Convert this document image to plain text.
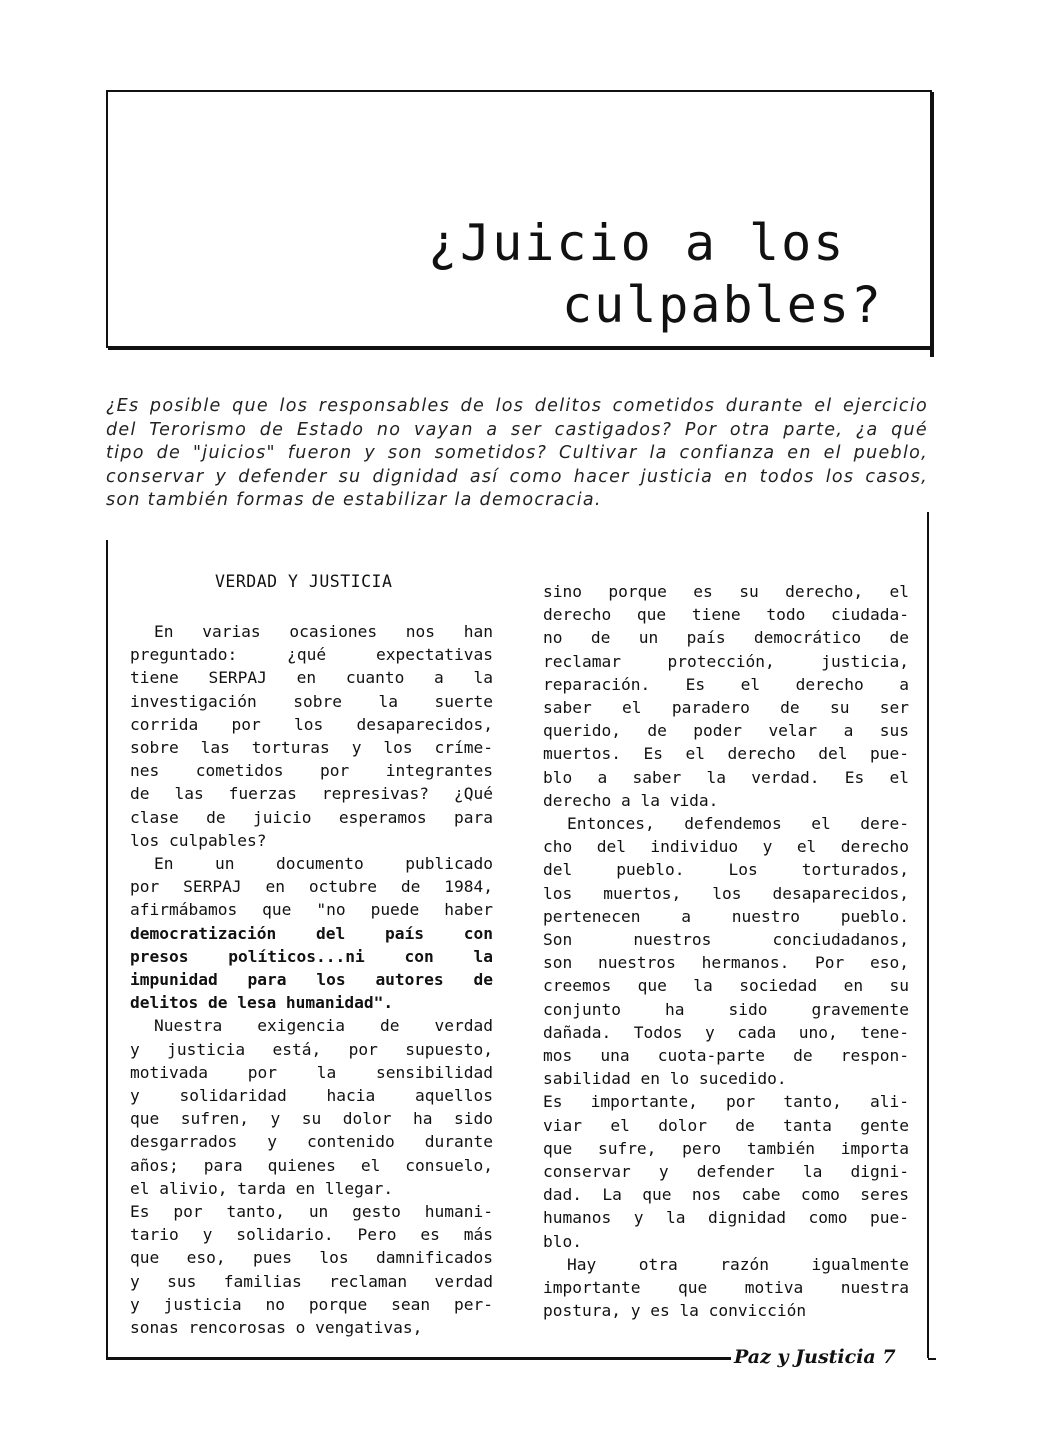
¿Juicio a los
culpables?
¿Es posible que los responsables de los delitos cometidos durante el ejercicio
del Terorismo de Estado no vayan a ser castigados? Por otra parte, ¿a qué
tipo de "juicios" fueron y son sometidos? Cultivar la confianza en el pueblo,
conservar y defender su dignidad así como hacer justicia en todos los casos,
son también formas de estabilizar la democracia.
VERDAD Y JUSTICIA
En varias ocasiones nos han
preguntado: ¿qué expectativas
tiene SERPAJ en cuanto a la
investigación sobre la suerte
corrida por los desaparecidos,
sobre las torturas y los críme-
nes cometidos por integrantes
de las fuerzas represivas? ¿Qué
clase de juicio esperamos para
los culpables?
En un documento publicado
por SERPAJ en octubre de 1984,
afirmábamos que "no puede haber
democratización del país con
presos políticos...ni con la
impunidad para los autores de
delitos de lesa humanidad".
Nuestra exigencia de verdad
y justicia está, por supuesto,
motivada por la sensibilidad
y solidaridad hacia aquellos
que sufren, y su dolor ha sido
desgarrados y contenido durante
años; para quienes el consuelo,
el alivio, tarda en llegar.
Es por tanto, un gesto humani-
tario y solidario. Pero es más
que eso, pues los damnificados
y sus familias reclaman verdad
y justicia no porque sean per-
sonas rencorosas o vengativas,
sino porque es su derecho, el
derecho que tiene todo ciudada-
no de un país democrático de
reclamar protección, justicia,
reparación. Es el derecho a
saber el paradero de su ser
querido, de poder velar a sus
muertos. Es el derecho del pue-
blo a saber la verdad. Es el
derecho a la vida.
Entonces, defendemos el dere-
cho del individuo y el derecho
del pueblo. Los torturados,
los muertos, los desaparecidos,
pertenecen a nuestro pueblo.
Son nuestros conciudadanos,
son nuestros hermanos. Por eso,
creemos que la sociedad en su
conjunto ha sido gravemente
dañada. Todos y cada uno, tene-
mos una cuota-parte de respon-
sabilidad en lo sucedido.
Es importante, por tanto, ali-
viar el dolor de tanta gente
que sufre, pero también importa
conservar y defender la digni-
dad. La que nos cabe como seres
humanos y la dignidad como pue-
blo.
Hay otra razón igualmente
importante que motiva nuestra
postura, y es la convicción
Paz y Justicia 7
